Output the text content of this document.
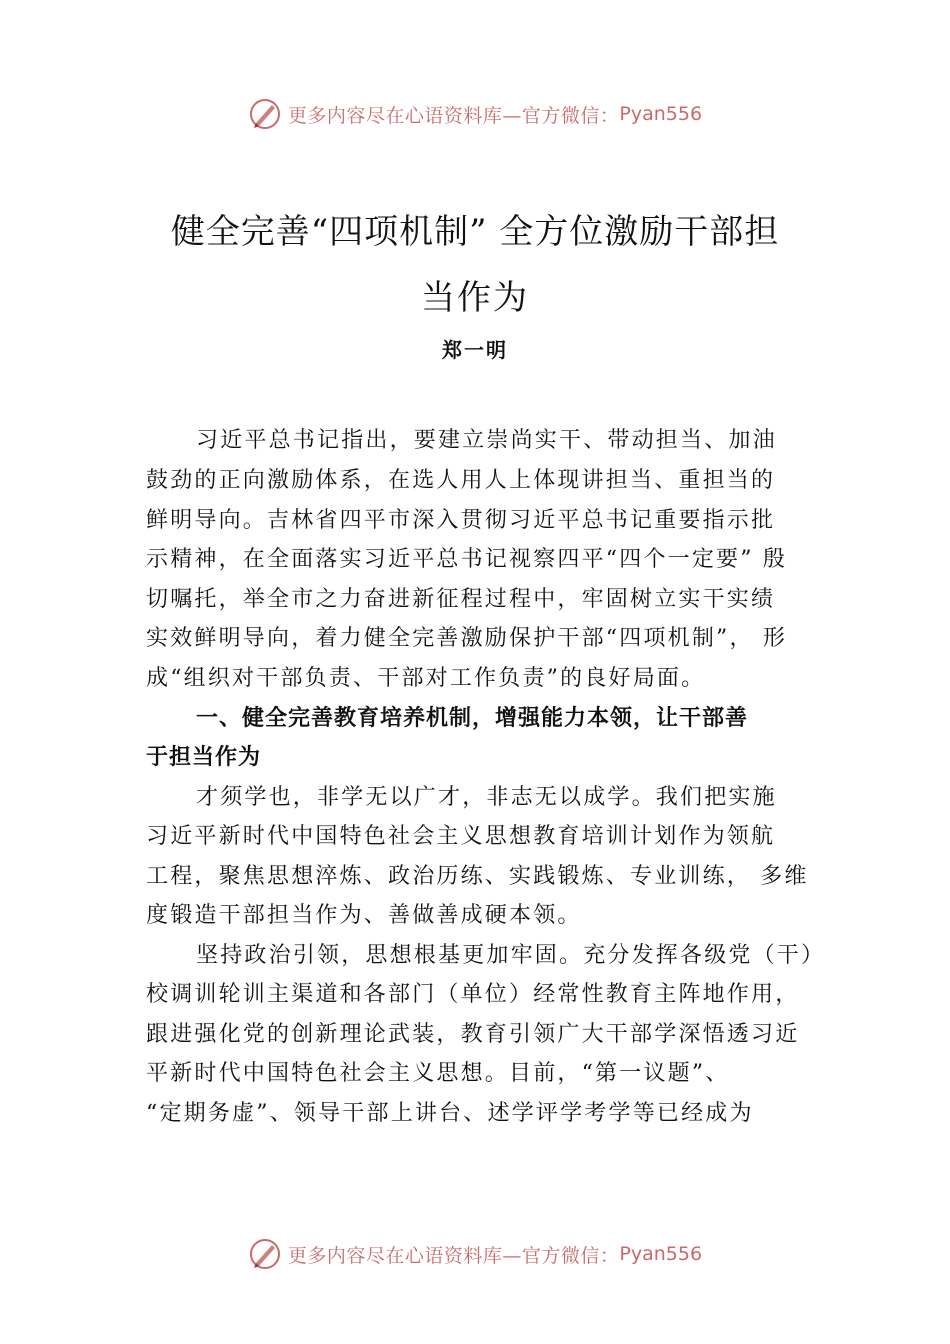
更多内容尽在心语资料库—官方微信： Pyan556
健全完善“四项机制” 全方位激励干部担
当作为
郑一明
习近平总书记指出，要建立崇尚实干、带动担当、加油
鼓劲的正向激励体系，在选人用人上体现讲担当、重担当的
鲜明导向。吉林省四平市深入贯彻习近平总书记重要指示批
示精神，在全面落实习近平总书记视察四平“四个一定要” 殷
切嘱托，举全市之力奋进新征程过程中，牢固树立实干实绩
实效鲜明导向，着力健全完善激励保护干部“四项机制”， 形
成“组织对干部负责、干部对工作负责”的良好局面。
一、健全完善教育培养机制，增强能力本领，让干部善
于担当作为
才须学也，非学无以广才，非志无以成学。我们把实施
习近平新时代中国特色社会主义思想教育培训计划作为领航
工程，聚焦思想淬炼、政治历练、实践锻炼、专业训练， 多维
度锻造干部担当作为、善做善成硬本领。
坚持政治引领，思想根基更加牢固。充分发挥各级党（干）
校调训轮训主渠道和各部门（单位）经常性教育主阵地作用，
跟进强化党的创新理论武装，教育引领广大干部学深悟透习近
平新时代中国特色社会主义思想。目前，“第一议题”、
“定期务虚”、领导干部上讲台、述学评学考学等已经成为
更多内容尽在心语资料库—官方微信： Pyan556
